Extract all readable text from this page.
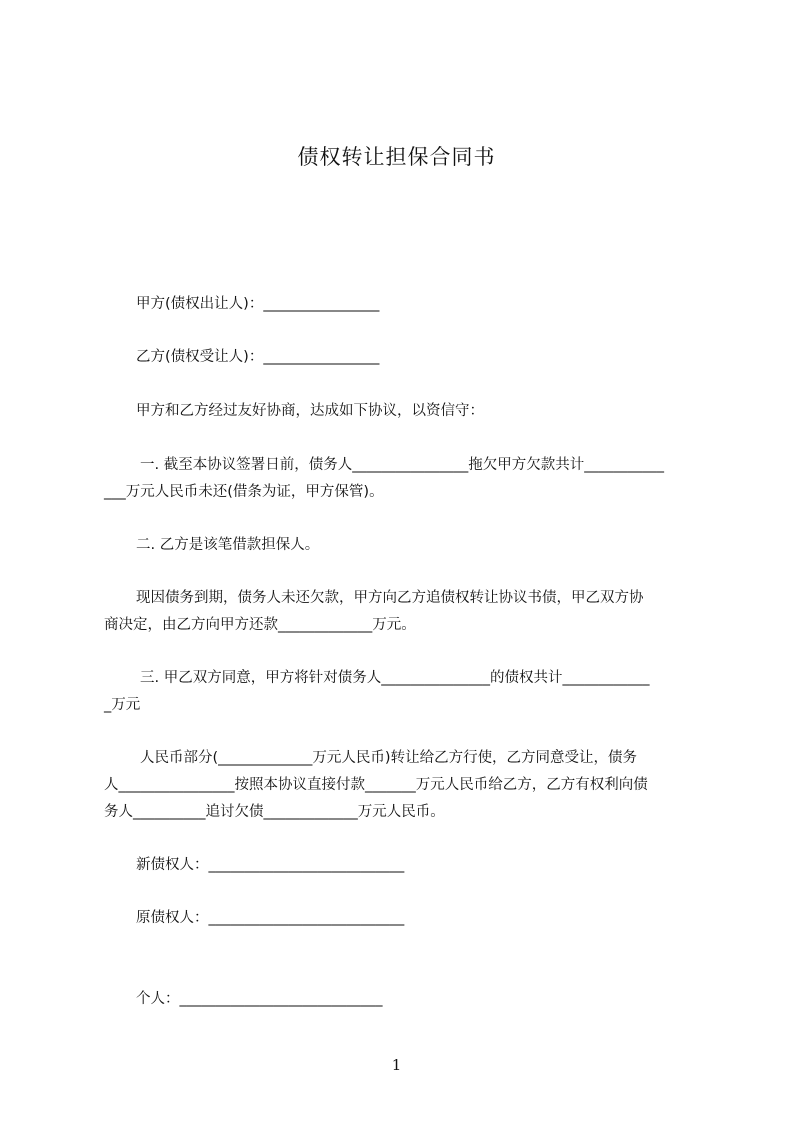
债权转让担保合同书
甲方(债权出让人)：________________
乙方(债权受让人)：________________
甲方和乙方经过友好协商，达成如下协议，以资信守：
一. 截至本协议签署日前，债务人________________拖欠甲方欠款共计___________
___万元人民币未还(借条为证，甲方保管)。
二. 乙方是该笔借款担保人。
现因债务到期，债务人未还欠款，甲方向乙方追债权转让协议书债，甲乙双方协
商决定，由乙方向甲方还款_____________万元。
三. 甲乙双方同意，甲方将针对债务人_______________的债权共计____________
_万元
人民币部分(_____________万元人民币)转让给乙方行使，乙方同意受让，债务
人________________按照本协议直接付款_______万元人民币给乙方，乙方有权利向债
务人__________追讨欠债_____________万元人民币。
新债权人：___________________________
原债权人：___________________________
个人：____________________________
1
